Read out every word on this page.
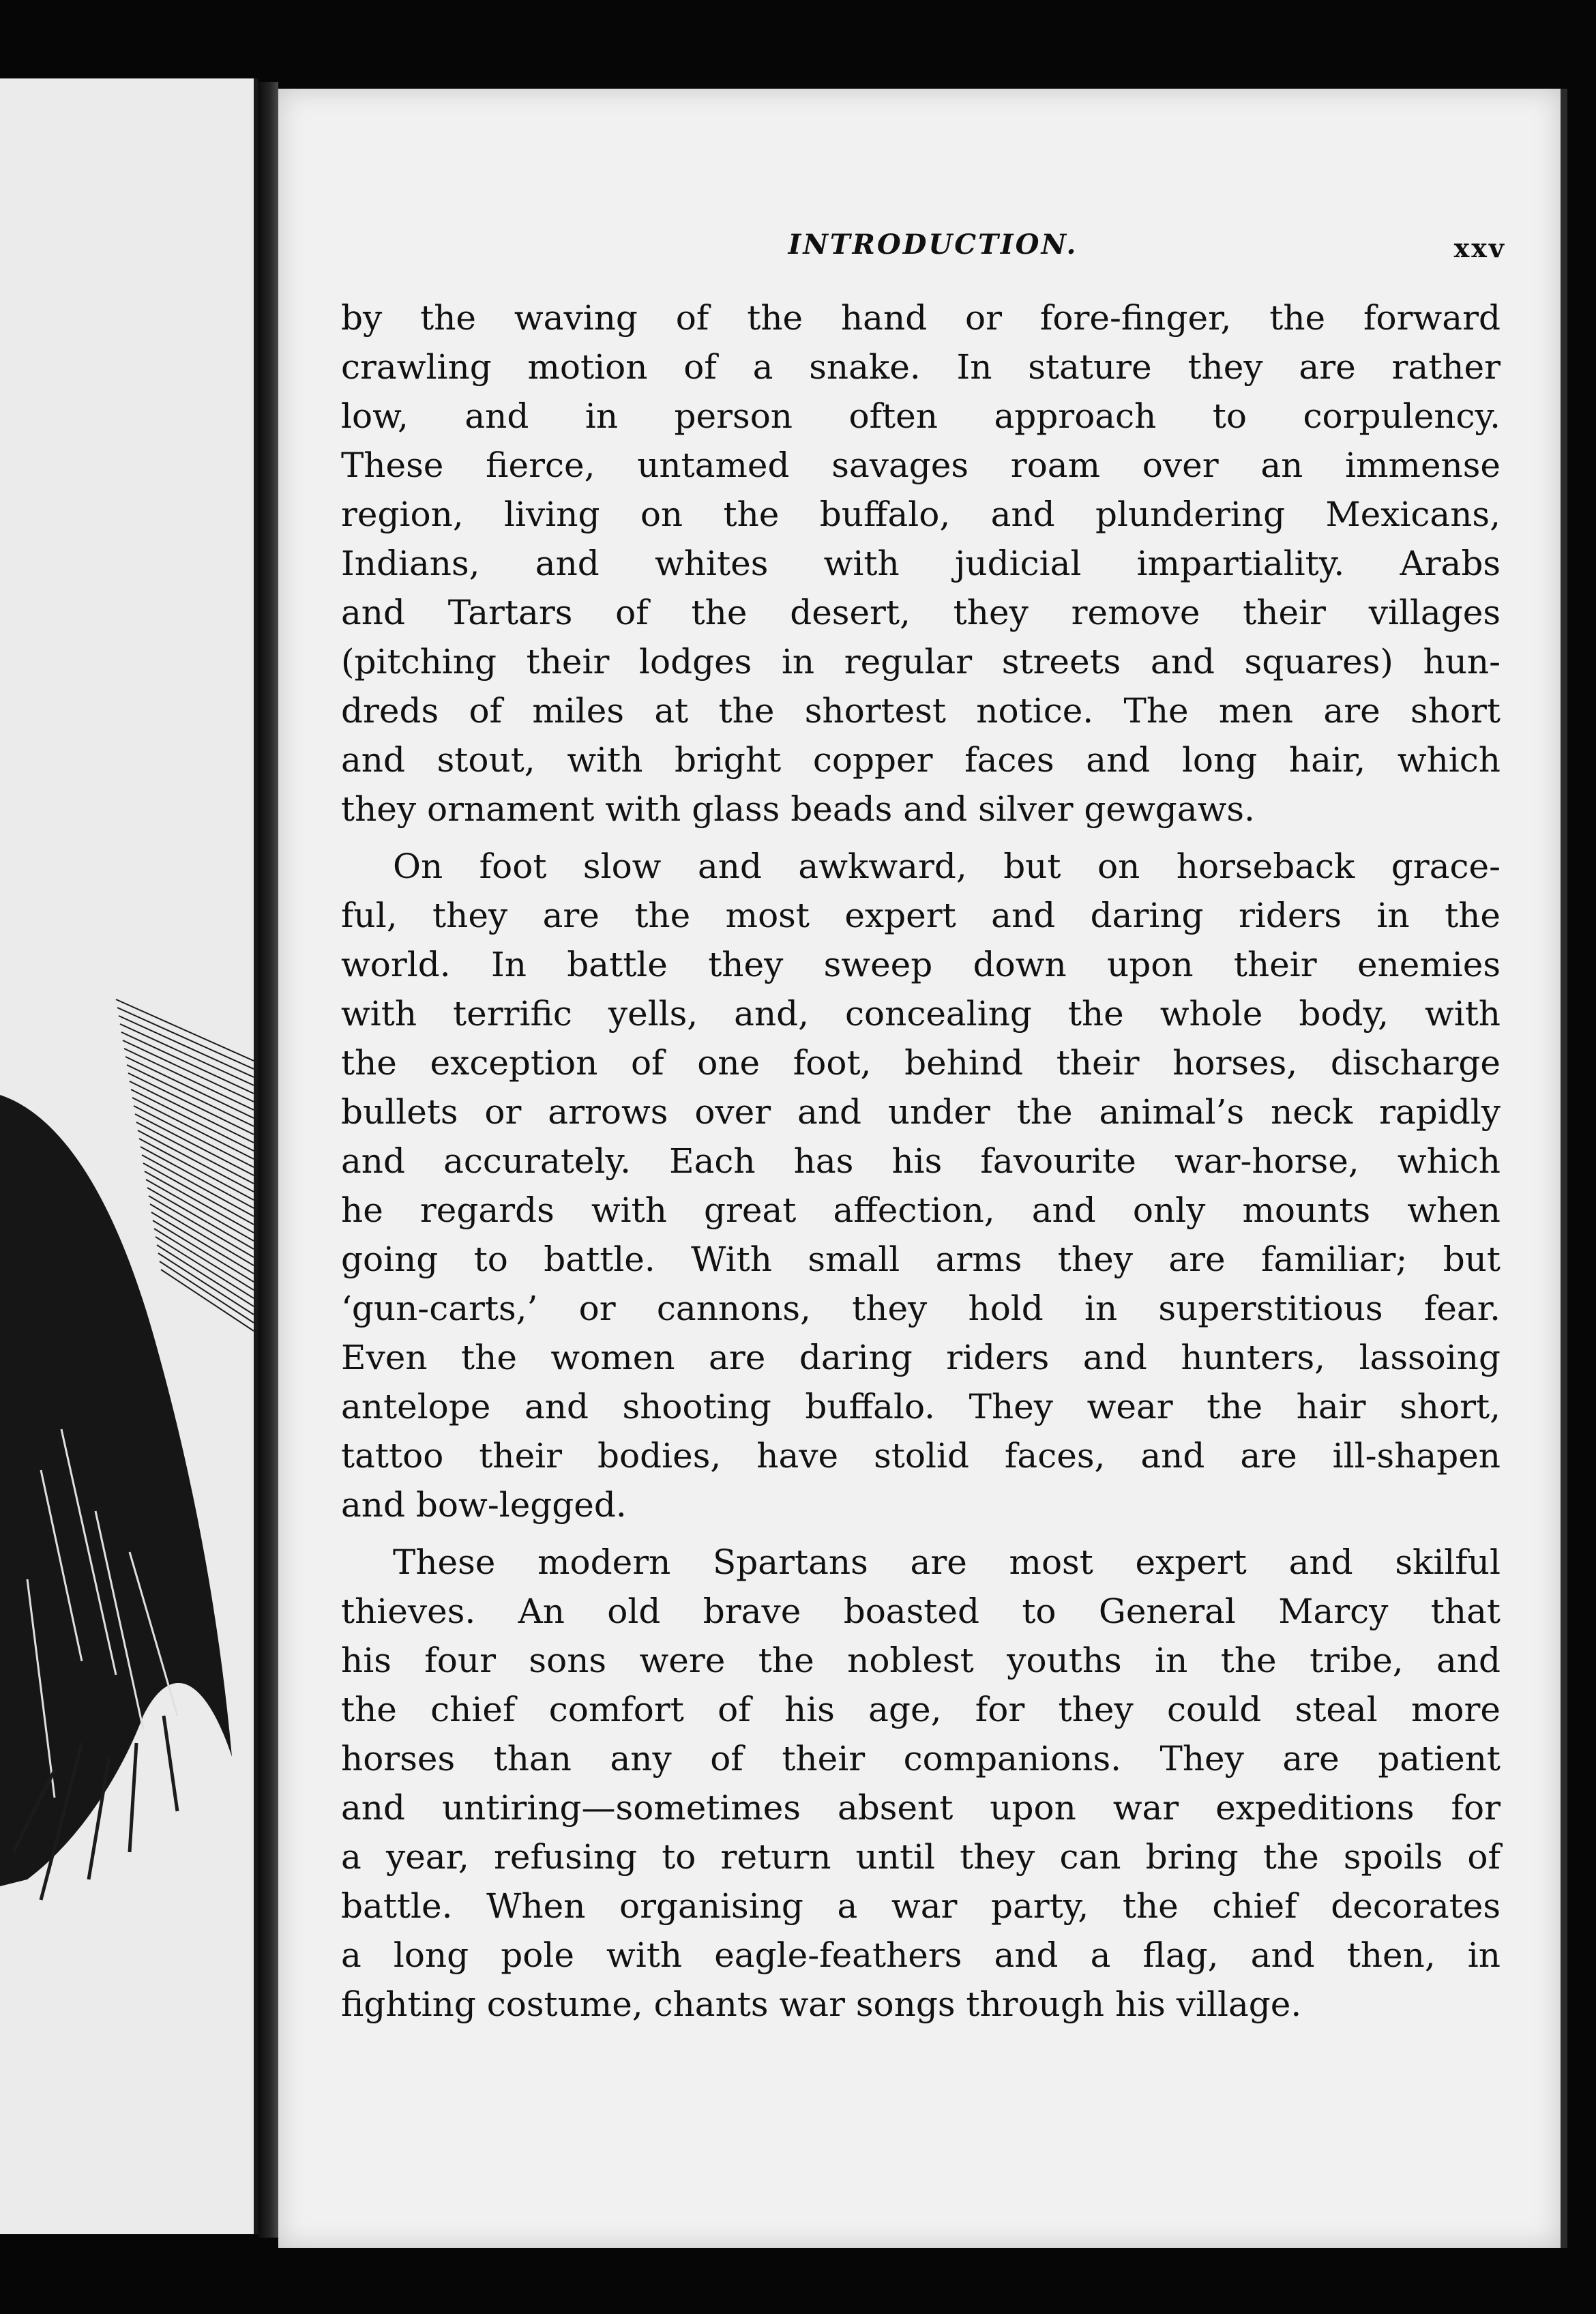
INTRODUCTION.	xxv
by the waving of the hand or fore-finger, the forward
crawling motion of a snake. In stature they are rather
low, and in person often approach to corpulency.
These fierce, untamed savages roam over an immense
region, living on the buffalo, and plundering Mexicans,
Indians, and whites with judicial impartiality. Arabs
and Tartars of the desert, they remove their villages
(pitching their lodges in regular streets and squares) hun-
dreds of miles at the shortest notice. The men are short
and stout, with bright copper faces and long hair, which
they ornament with glass beads and silver gewgaws.
On foot slow and awkward, but on horseback grace-
ful, they are the most expert and daring riders in the
world. In battle they sweep down upon their enemies
with terrific yells, and, concealing the whole body, with
the exception of one foot, behind their horses, discharge
bullets or arrows over and under the animal’s neck rapidly
and accurately. Each has his favourite war-horse, which
he regards with great affection, and only mounts when
going to battle. With small arms they are familiar; but
‘gun-carts,’ or cannons, they hold in superstitious fear.
Even the women are daring riders and hunters, lassoing
antelope and shooting buffalo. They wear the hair short,
tattoo their bodies, have stolid faces, and are ill-shapen
and bow-legged.
These modern Spartans are most expert and skilful
thieves. An old brave boasted to General Marcy that
his four sons were the noblest youths in the tribe, and
the chief comfort of his age, for they could steal more
horses than any of their companions. They are patient
and untiring—sometimes absent upon war expeditions for
a year, refusing to return until they can bring the spoils of
battle. When organising a war party, the chief decorates
a long pole with eagle-feathers and a flag, and then, in
fighting costume, chants war songs through his village.
